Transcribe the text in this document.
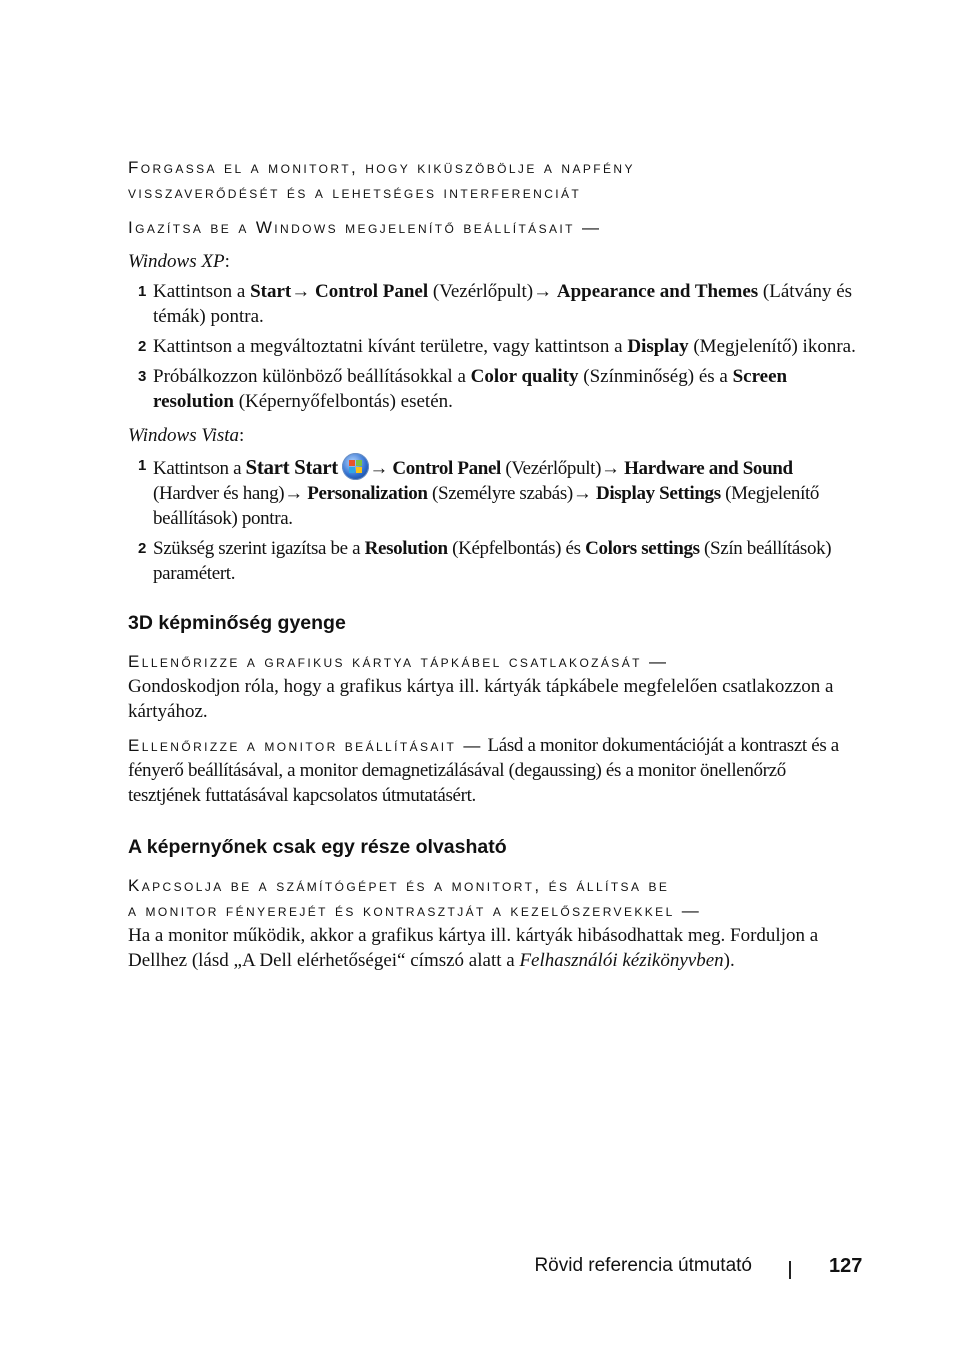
Forgassa el a monitort, hogy kiküszöbölje a napfény
visszaverődését és a lehetséges interferenciát

Igazítsa be a Windows megjelenítő beállításait —

Windows XP:

1 Kattintson a Start→ Control Panel (Vezérlőpult)→ Appearance and Themes (Látvány és témák) pontra.
2 Kattintson a megváltoztatni kívánt területre, vagy kattintson a Display (Megjelenítő) ikonra.
3 Próbálkozzon különböző beállításokkal a Color quality (Színminőség) és a Screen resolution (Képernyőfelbontás) esetén.

Windows Vista:

1 Kattintson a Start Start → Control Panel (Vezérlőpult)→ Hardware and Sound (Hardver és hang)→ Personalization (Személyre szabás)→ Display Settings (Megjelenítő beállítások) pontra.
2 Szükség szerint igazítsa be a Resolution (Képfelbontás) és Colors settings (Szín beállítások) paramétert.

3D képminőség gyenge

Ellenőrizze a grafikus kártya tápkábel csatlakozását —

Gondoskodjon róla, hogy a grafikus kártya ill. kártyák tápkábele megfelelően csatlakozzon a kártyához.

Ellenőrizze a monitor beállításait — Lásd a monitor dokumentációját a kontraszt és a fényerő beállításával, a monitor demagnetizálásával (degaussing) és a monitor önellenőrző tesztjének futtatásával kapcsolatos útmutatásért.

A képernyőnek csak egy része olvasható

Kapcsolja be a számítógépet és a monitort, és állítsa be
a monitor fényerejét és kontrasztját a kezelőszervekkel —

Ha a monitor működik, akkor a grafikus kártya ill. kártyák hibásodhattak meg. Forduljon a Dellhez (lásd „A Dell elérhetőségei“ címszó alatt a Felhasználói kézikönyvben).

Rövid referencia útmutató	127
